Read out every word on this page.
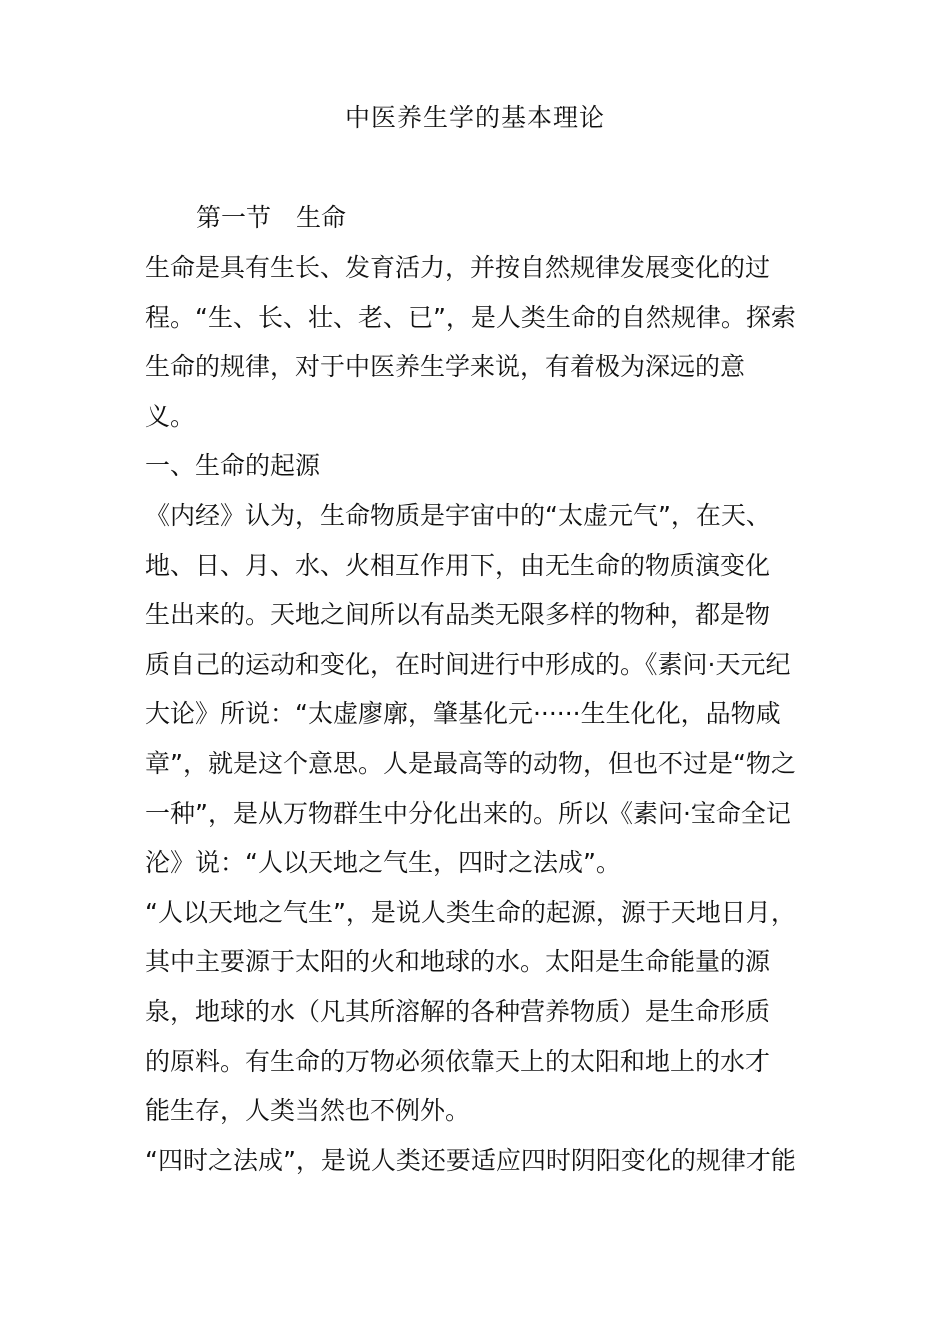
中医养生学的基本理论
第一节　生命
生命是具有生长、发育活力，并按自然规律发展变化的过
程。“生、长、壮、老、已”，是人类生命的自然规律。探索
生命的规律，对于中医养生学来说，有着极为深远的意
义。
一、生命的起源
《内经》认为，生命物质是宇宙中的“太虚元气”，在天、
地、日、月、水、火相互作用下，由无生命的物质演变化
生出来的。天地之间所以有品类无限多样的物种，都是物
质自己的运动和变化，在时间进行中形成的。《素问·天元纪
大论》所说：“太虚廖廓，肇基化元······生生化化，品物咸
章”，就是这个意思。人是最高等的动物，但也不过是“物之
一种”，是从万物群生中分化出来的。所以《素问·宝命全记
沦》说：“人以天地之气生，四时之法成”。
“人以天地之气生”，是说人类生命的起源，源于天地日月，
其中主要源于太阳的火和地球的水。太阳是生命能量的源
泉，地球的水（凡其所溶解的各种营养物质）是生命形质
的原料。有生命的万物必须依靠天上的太阳和地上的水才
能生存，人类当然也不例外。
“四时之法成”，是说人类还要适应四时阴阳变化的规律才能
